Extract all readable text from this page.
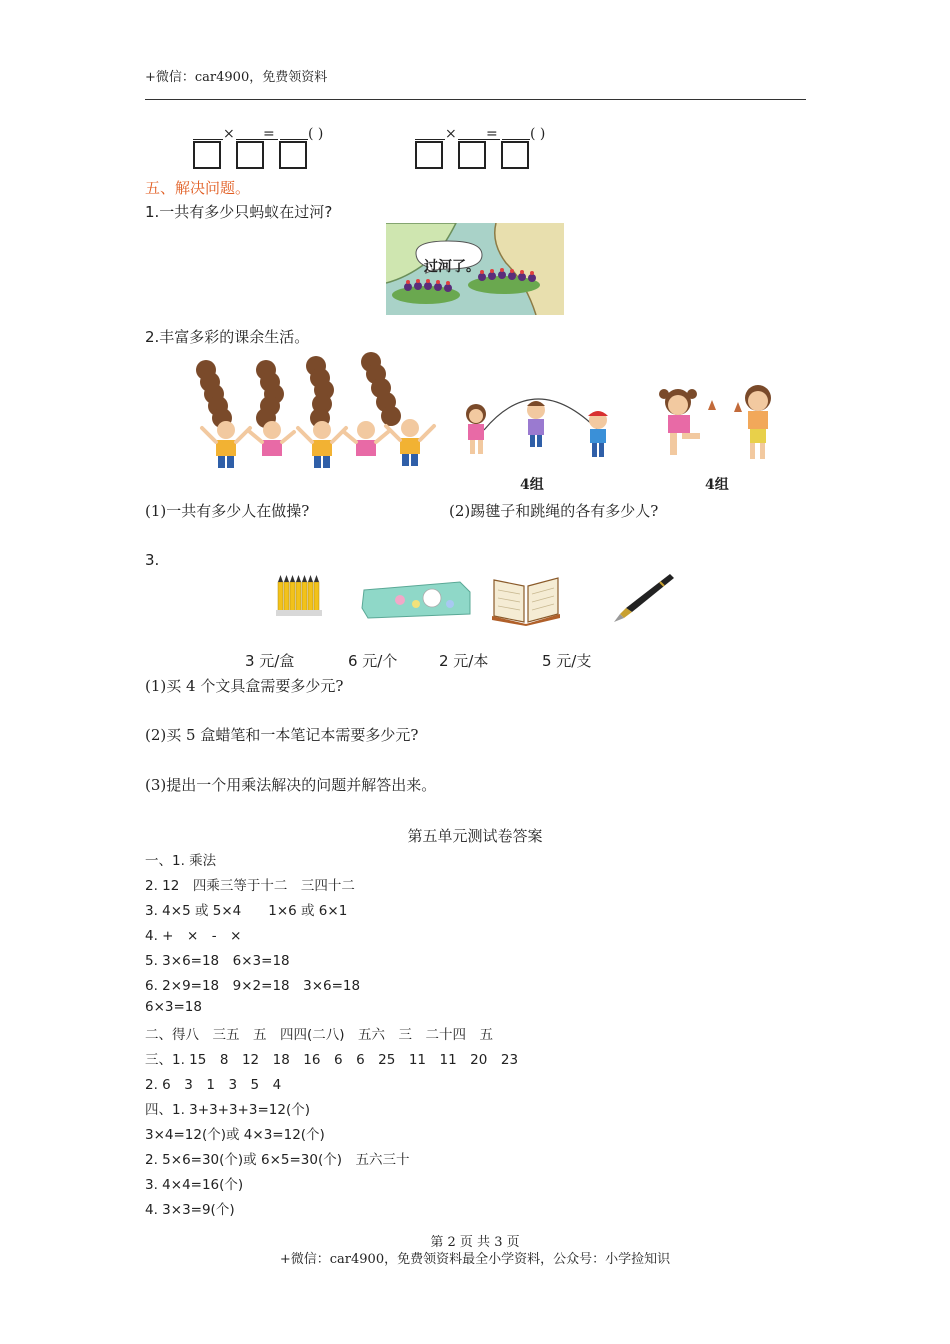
+微信：car4900，免费领资料
× = ( )	× = ( )
五、解决问题。
1.一共有多少只蚂蚁在过河?
过河了。
2.丰富多彩的课余生活。
4组	4组
(1)一共有多少人在做操?	(2)踢毽子和跳绳的各有多少人?
3.
3 元/盒	6 元/个	2 元/本	5 元/支
(1)买 4 个文具盒需要多少元?
(2)买 5 盒蜡笔和一本笔记本需要多少元?
(3)提出一个用乘法解决的问题并解答出来。
第五单元测试卷答案
一、1. 乘法
2. 12　四乘三等于十二　三四十二
3. 4×5 或 5×4　　1×6 或 6×1
4. +　×　-　×
5. 3×6=18　6×3=18
6. 2×9=18　9×2=18　3×6=18
6×3=18
二、得八　三五　五　四四(二八)　五六　三　二十四　五
三、1. 15　8　12　18　16　6　6　25　11　11　20　23
2. 6　3　1　3　5　4
四、1. 3+3+3+3=12(个)
3×4=12(个)或 4×3=12(个)
2. 5×6=30(个)或 6×5=30(个)　五六三十
3. 4×4=16(个)
4. 3×3=9(个)
第 2 页 共 3 页
+微信：car4900，免费领资料最全小学资料，公众号：小学捡知识
